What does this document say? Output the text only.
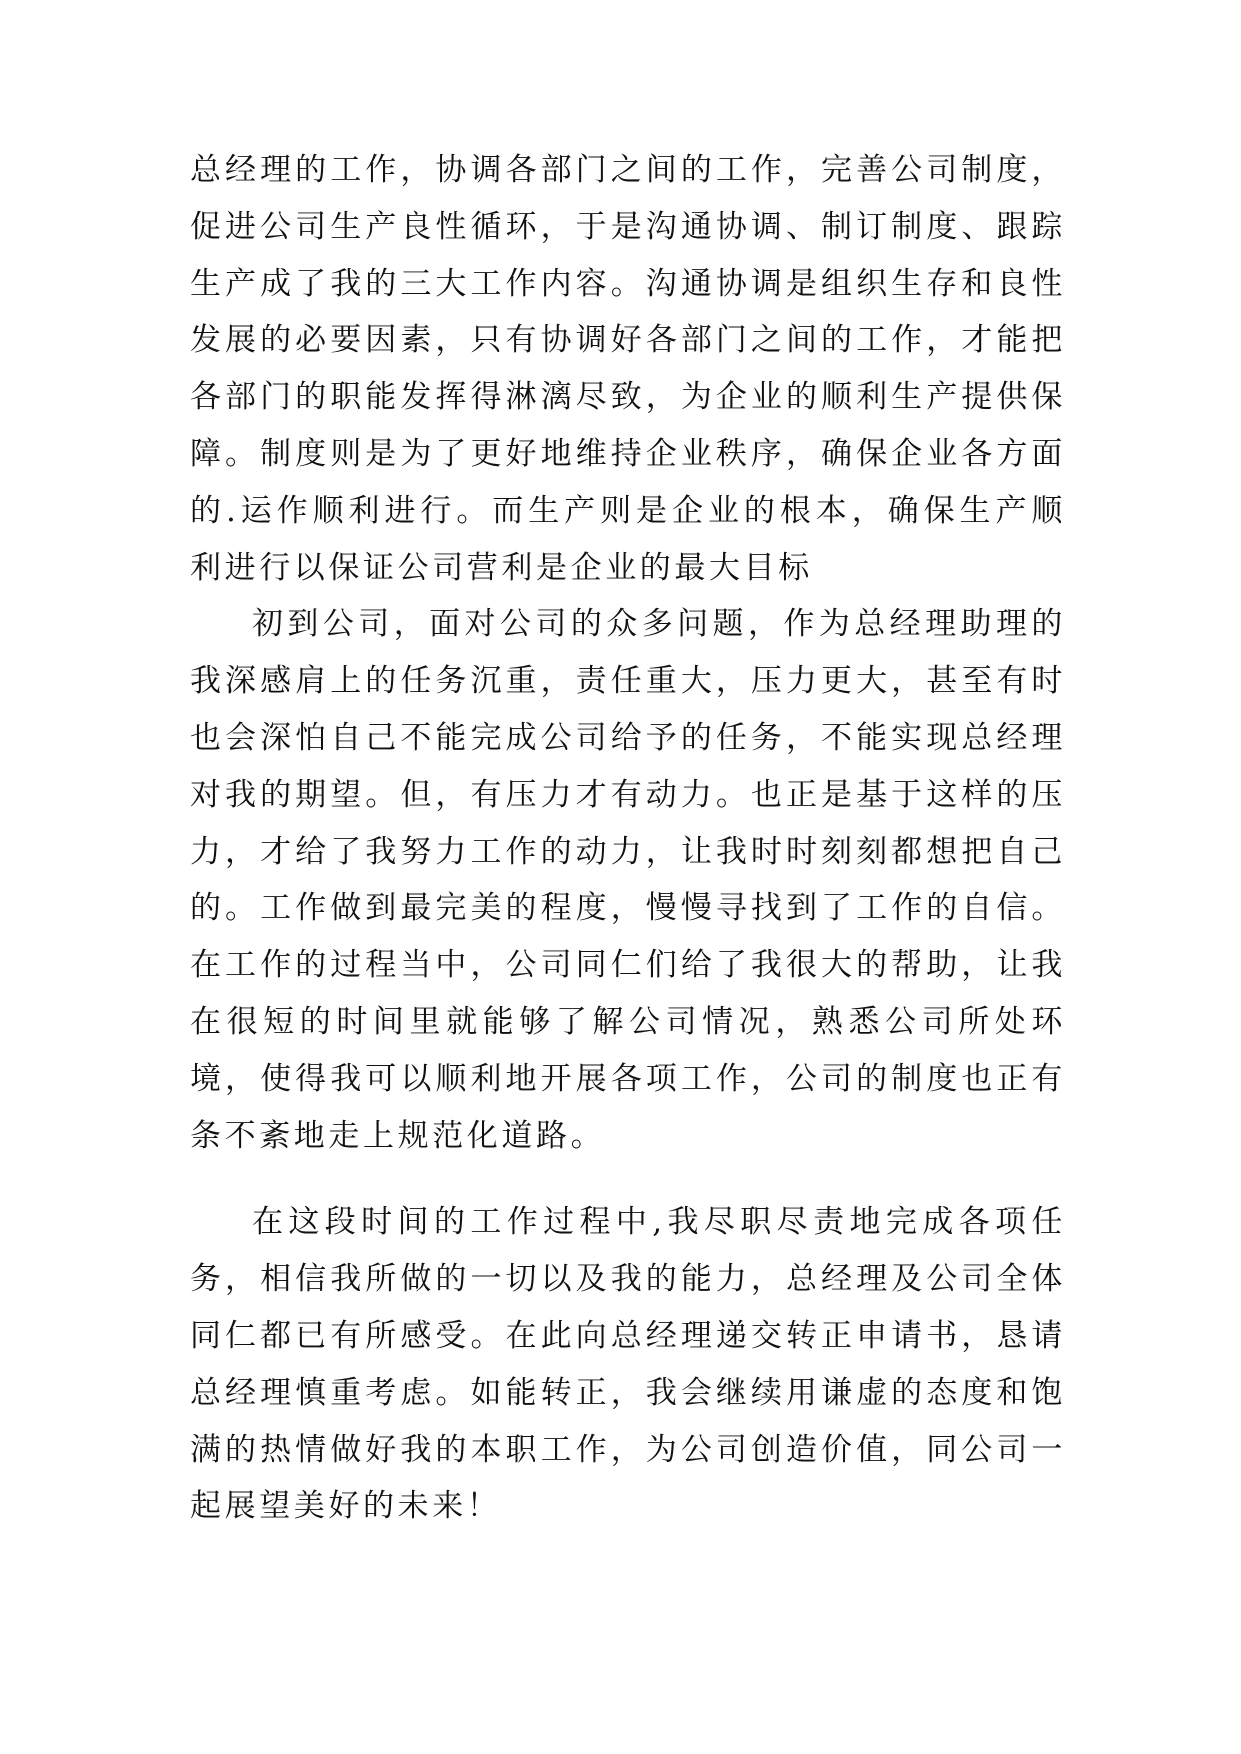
总经理的工作，协调各部门之间的工作，完善公司制度，促进公司生产良性循环，于是沟通协调、制订制度、跟踪生产成了我的三大工作内容。沟通协调是组织生存和良性发展的必要因素，只有协调好各部门之间的工作，才能把各部门的职能发挥得淋漓尽致，为企业的顺利生产提供保障。制度则是为了更好地维持企业秩序，确保企业各方面的.运作顺利进行。而生产则是企业的根本，确保生产顺利进行以保证公司营利是企业的最大目标

初到公司，面对公司的众多问题，作为总经理助理的我深感肩上的任务沉重，责任重大，压力更大，甚至有时也会深怕自己不能完成公司给予的任务，不能实现总经理对我的期望。但，有压力才有动力。也正是基于这样的压力，才给了我努力工作的动力，让我时时刻刻都想把自己的。工作做到最完美的程度，慢慢寻找到了工作的自信。在工作的过程当中，公司同仁们给了我很大的帮助，让我在很短的时间里就能够了解公司情况，熟悉公司所处环境，使得我可以顺利地开展各项工作，公司的制度也正有条不紊地走上规范化道路。

在这段时间的工作过程中,我尽职尽责地完成各项任务，相信我所做的一切以及我的能力，总经理及公司全体同仁都已有所感受。在此向总经理递交转正申请书，恳请总经理慎重考虑。如能转正，我会继续用谦虚的态度和饱满的热情做好我的本职工作，为公司创造价值，同公司一起展望美好的未来！
